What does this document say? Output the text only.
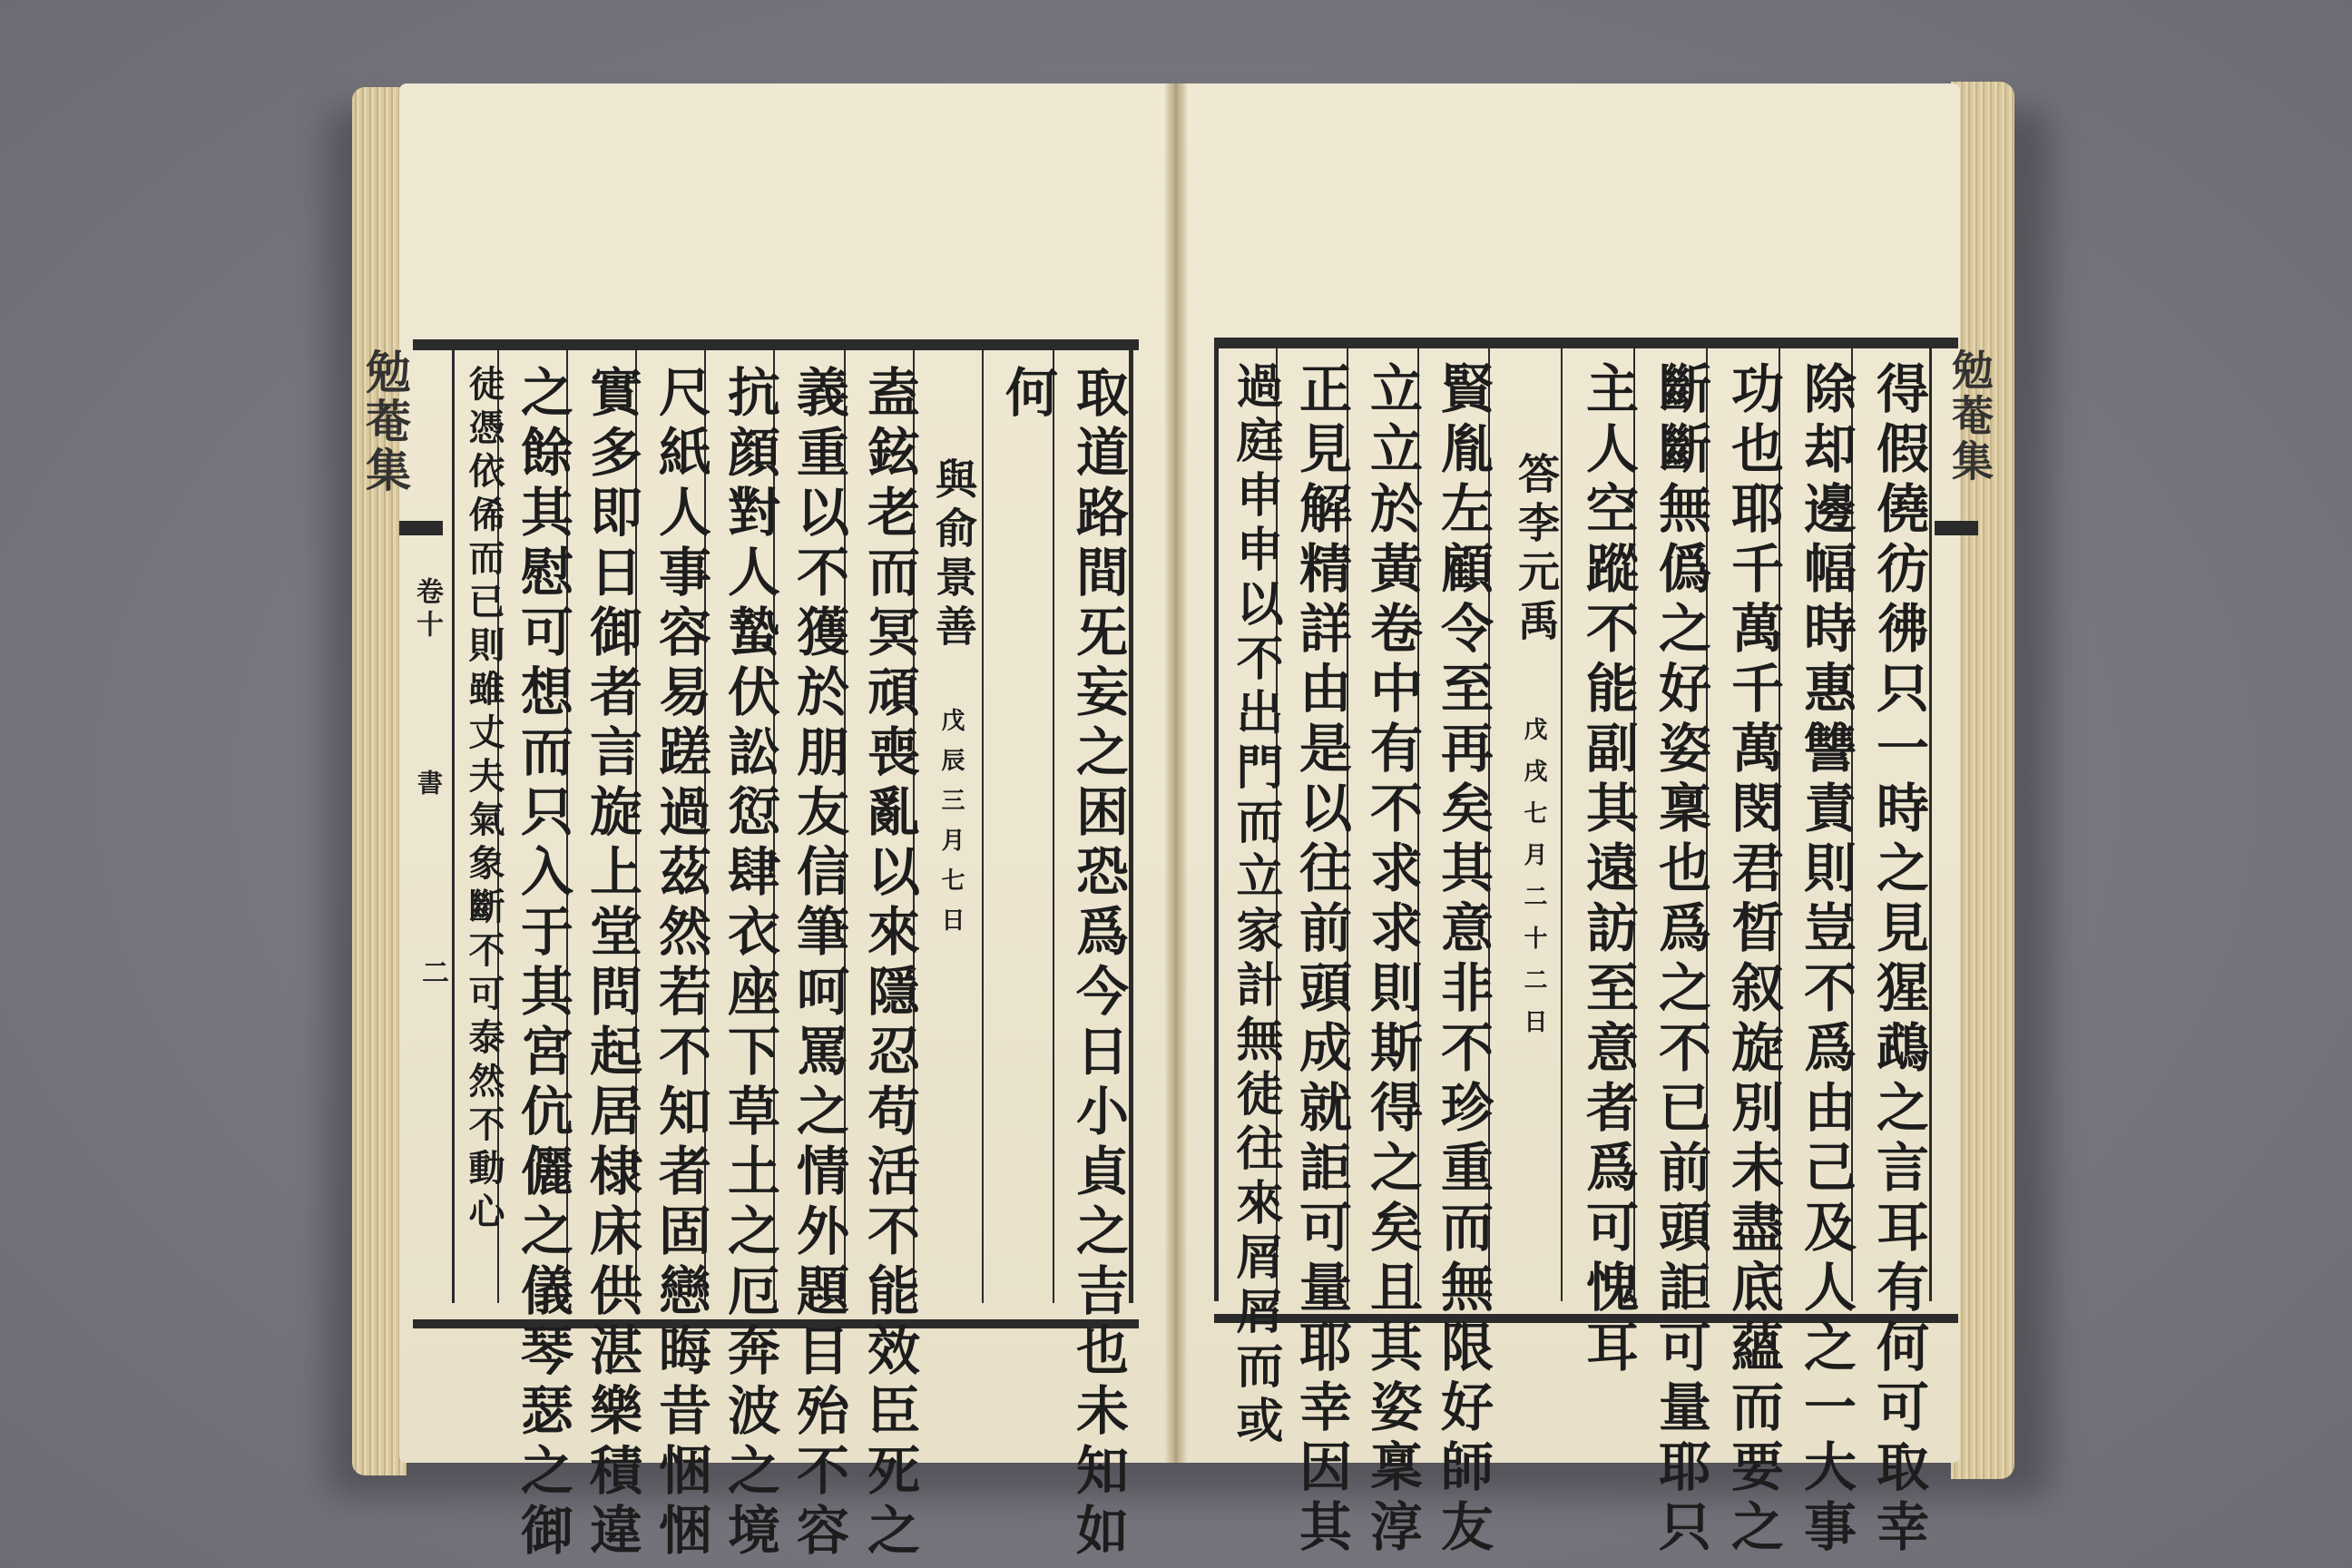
勉菴集
卷十
書
二	取道路間旡妄之困恐爲今日小貞之吉也未知如
何
與俞景善
戊辰三月七日
盍鉉老而冥頑喪亂以來隱忍苟活不能效臣死之
義重以不獲於朋友信筆呵罵之情外題目殆不容
抗顔對人蟄伏訟愆肆衣座下草土之厄奔波之境
尺紙人事容易蹉過茲然若不知者固戀晦昔悃悃
實多即日御者言旋上堂問起居棣床供湛樂積違
之餘其慰可想而只入于其宮伉儷之儀琴瑟之御
徒憑依俙而已則雖丈夫氣象斷不可泰然不動心	勉菴集
得假僥彷彿只一時之見猩鵡之言耳有何可取幸
除却邊幅時惠讐責則豈不爲由己及人之一大事
功也耶千萬千萬閔君晳叙旋別未盡底蘊而要之
斷斷無僞之好姿稟也爲之不已前頭詎可量耶只
主人空蹤不能副其遠訪至意者爲可愧耳
答李元禹
戊戌七月二十二日
賢胤左顧令至再矣其意非不珍重而無限好師友
立立於黃卷中有不求求則斯得之矣且其姿稟淳
正見解精詳由是以往前頭成就詎可量耶幸因其
過庭申申以不出門而立家計無徒往來屑屑而或
